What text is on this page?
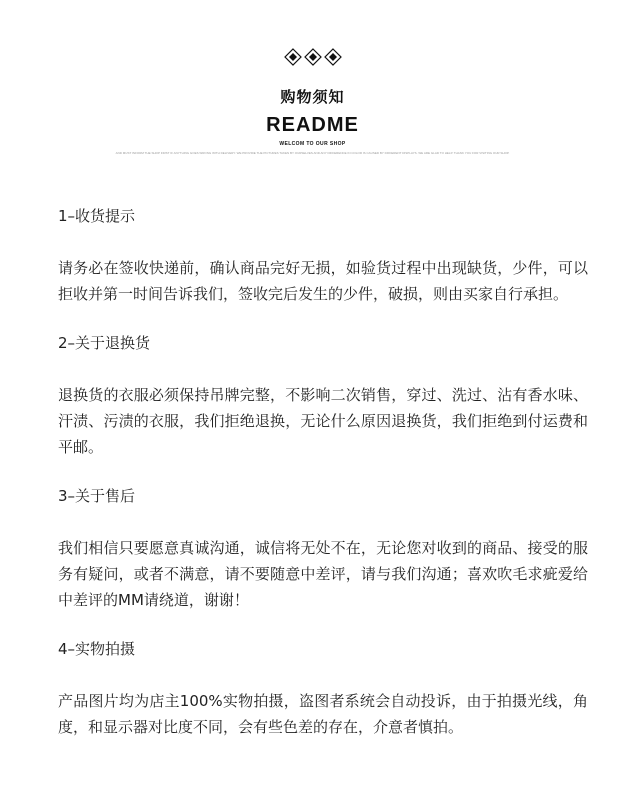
购物须知
README
WELCOM TO OUR SHOP
AND MUST INFORM THE SHOP FIRST IF ANYTHING GOES WRONG WITH DELIVERY. WE PROVIDE THE PICTURES TAKEN BY OURSELVES AND ANY DIFFERENCE IN COLOR IS CAUSED BY DIFFERENT DISPLAYS. WE ARE GLAD TO HELP. THANK YOU FOR VISITING OUR SHOP.

1–收货提示

请务必在签收快递前，确认商品完好无损，如验货过程中出现缺货，少件，可以拒收并第一时间告诉我们，签收完后发生的少件，破损，则由买家自行承担。

2–关于退换货

退换货的衣服必须保持吊牌完整，不影响二次销售，穿过、洗过、沾有香水味、汗渍、污渍的衣服，我们拒绝退换，无论什么原因退换货，我们拒绝到付运费和平邮。

3–关于售后

我们相信只要愿意真诚沟通，诚信将无处不在，无论您对收到的商品、接受的服务有疑问，或者不满意，请不要随意中差评，请与我们沟通；喜欢吹毛求疵爱给中差评的MM请绕道，谢谢！

4–实物拍摄

产品图片均为店主100%实物拍摄，盗图者系统会自动投诉，由于拍摄光线，角度，和显示器对比度不同，会有些色差的存在，介意者慎拍。
